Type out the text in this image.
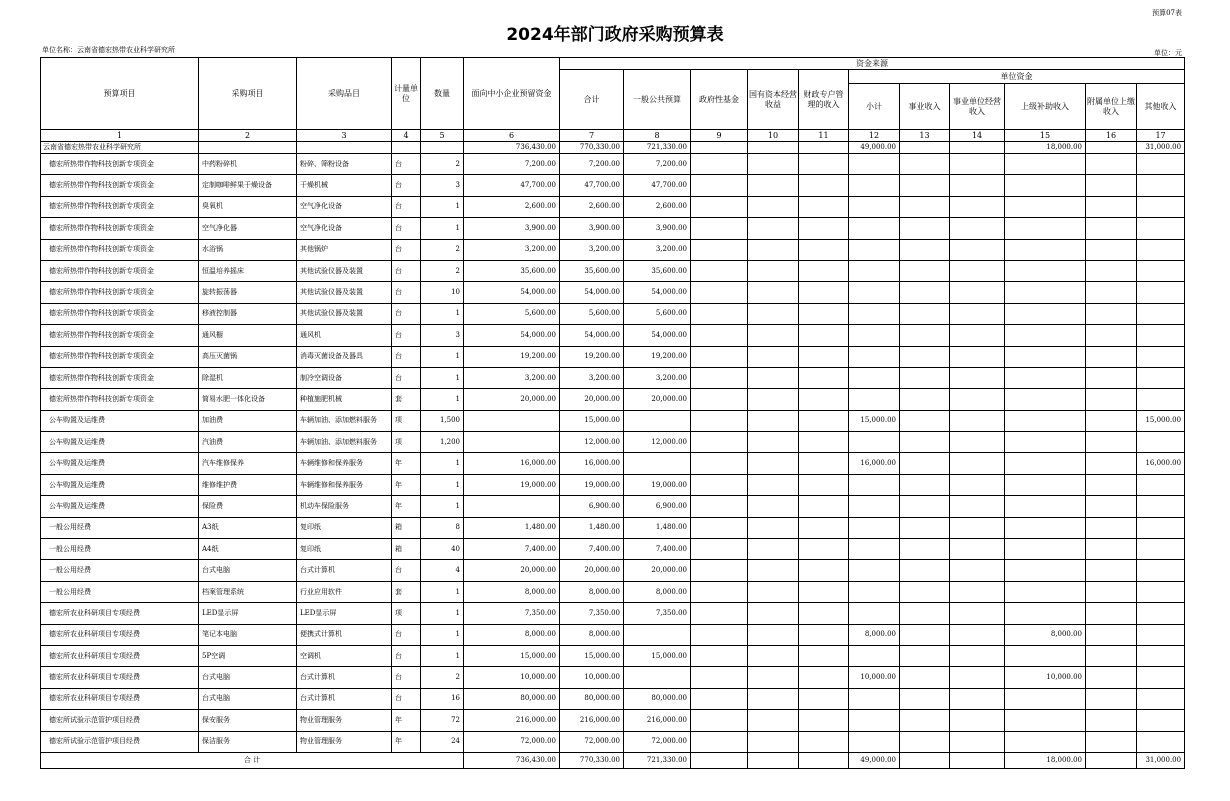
预算07表
2024年部门政府采购预算表
单位名称：云南省德宏热带农业科学研究所	单位：元
预算项目	采购项目	采购品目	计量单位	数量	面向中小企业预留资金	资金来源										
						合计	一般公共预算	政府性基金	国有资本经营收益	财政专户管理的收入	单位资金					
											小计	事业收入	事业单位经营收入	上级补助收入	附属单位上缴收入	其他收入
1	2	3	4	5	6	7	8	9	10	11	12	13	14	15	16	17
云南省德宏热带农业科学研究所					736,430.00	770,330.00	721,330.00				49,000.00			18,000.00		31,000.00
德宏所热带作物科技创新专项资金	中药粉碎机	粉碎、筛粉设备	台	2	7,200.00	7,200.00	7,200.00									
德宏所热带作物科技创新专项资金	定制咖啡鲜果干燥设备	干燥机械	台	3	47,700.00	47,700.00	47,700.00									
德宏所热带作物科技创新专项资金	臭氧机	空气净化设备	台	1	2,600.00	2,600.00	2,600.00									
德宏所热带作物科技创新专项资金	空气净化器	空气净化设备	台	1	3,900.00	3,900.00	3,900.00									
德宏所热带作物科技创新专项资金	水浴锅	其他锅炉	台	2	3,200.00	3,200.00	3,200.00									
德宏所热带作物科技创新专项资金	恒温培养摇床	其他试验仪器及装置	台	2	35,600.00	35,600.00	35,600.00									
德宏所热带作物科技创新专项资金	旋转振荡器	其他试验仪器及装置	台	10	54,000.00	54,000.00	54,000.00									
德宏所热带作物科技创新专项资金	移液控制器	其他试验仪器及装置	台	1	5,600.00	5,600.00	5,600.00									
德宏所热带作物科技创新专项资金	通风橱	通风机	台	3	54,000.00	54,000.00	54,000.00									
德宏所热带作物科技创新专项资金	高压灭菌锅	消毒灭菌设备及器具	台	1	19,200.00	19,200.00	19,200.00									
德宏所热带作物科技创新专项资金	除湿机	制冷空调设备	台	1	3,200.00	3,200.00	3,200.00									
德宏所热带作物科技创新专项资金	简易水肥一体化设备	种植施肥机械	套	1	20,000.00	20,000.00	20,000.00									
公车购置及运维费	加油费	车辆加油、添加燃料服务	项	1,500		15,000.00					15,000.00					15,000.00
公车购置及运维费	汽油费	车辆加油、添加燃料服务	项	1,200		12,000.00	12,000.00									
公车购置及运维费	汽车维修保养	车辆维修和保养服务	年	1	16,000.00	16,000.00					16,000.00					16,000.00
公车购置及运维费	维修维护费	车辆维修和保养服务	年	1	19,000.00	19,000.00	19,000.00									
公车购置及运维费	保险费	机动车保险服务	年	1		6,900.00	6,900.00									
一般公用经费	A3纸	复印纸	箱	8	1,480.00	1,480.00	1,480.00									
一般公用经费	A4纸	复印纸	箱	40	7,400.00	7,400.00	7,400.00									
一般公用经费	台式电脑	台式计算机	台	4	20,000.00	20,000.00	20,000.00									
一般公用经费	档案管理系统	行业应用软件	套	1	8,000.00	8,000.00	8,000.00									
德宏所农业科研项目专项经费	LED显示屏	LED显示屏	项	1	7,350.00	7,350.00	7,350.00									
德宏所农业科研项目专项经费	笔记本电脑	便携式计算机	台	1	8,000.00	8,000.00					8,000.00			8,000.00		
德宏所农业科研项目专项经费	5P空调	空调机	台	1	15,000.00	15,000.00	15,000.00									
德宏所农业科研项目专项经费	台式电脑	台式计算机	台	2	10,000.00	10,000.00					10,000.00			10,000.00		
德宏所农业科研项目专项经费	台式电脑	台式计算机	台	16	80,000.00	80,000.00	80,000.00									
德宏所试验示范管护项目经费	保安服务	物业管理服务	年	72	216,000.00	216,000.00	216,000.00									
德宏所试验示范管护项目经费	保洁服务	物业管理服务	年	24	72,000.00	72,000.00	72,000.00									
合 计					736,430.00	770,330.00	721,330.00				49,000.00			18,000.00		31,000.00
